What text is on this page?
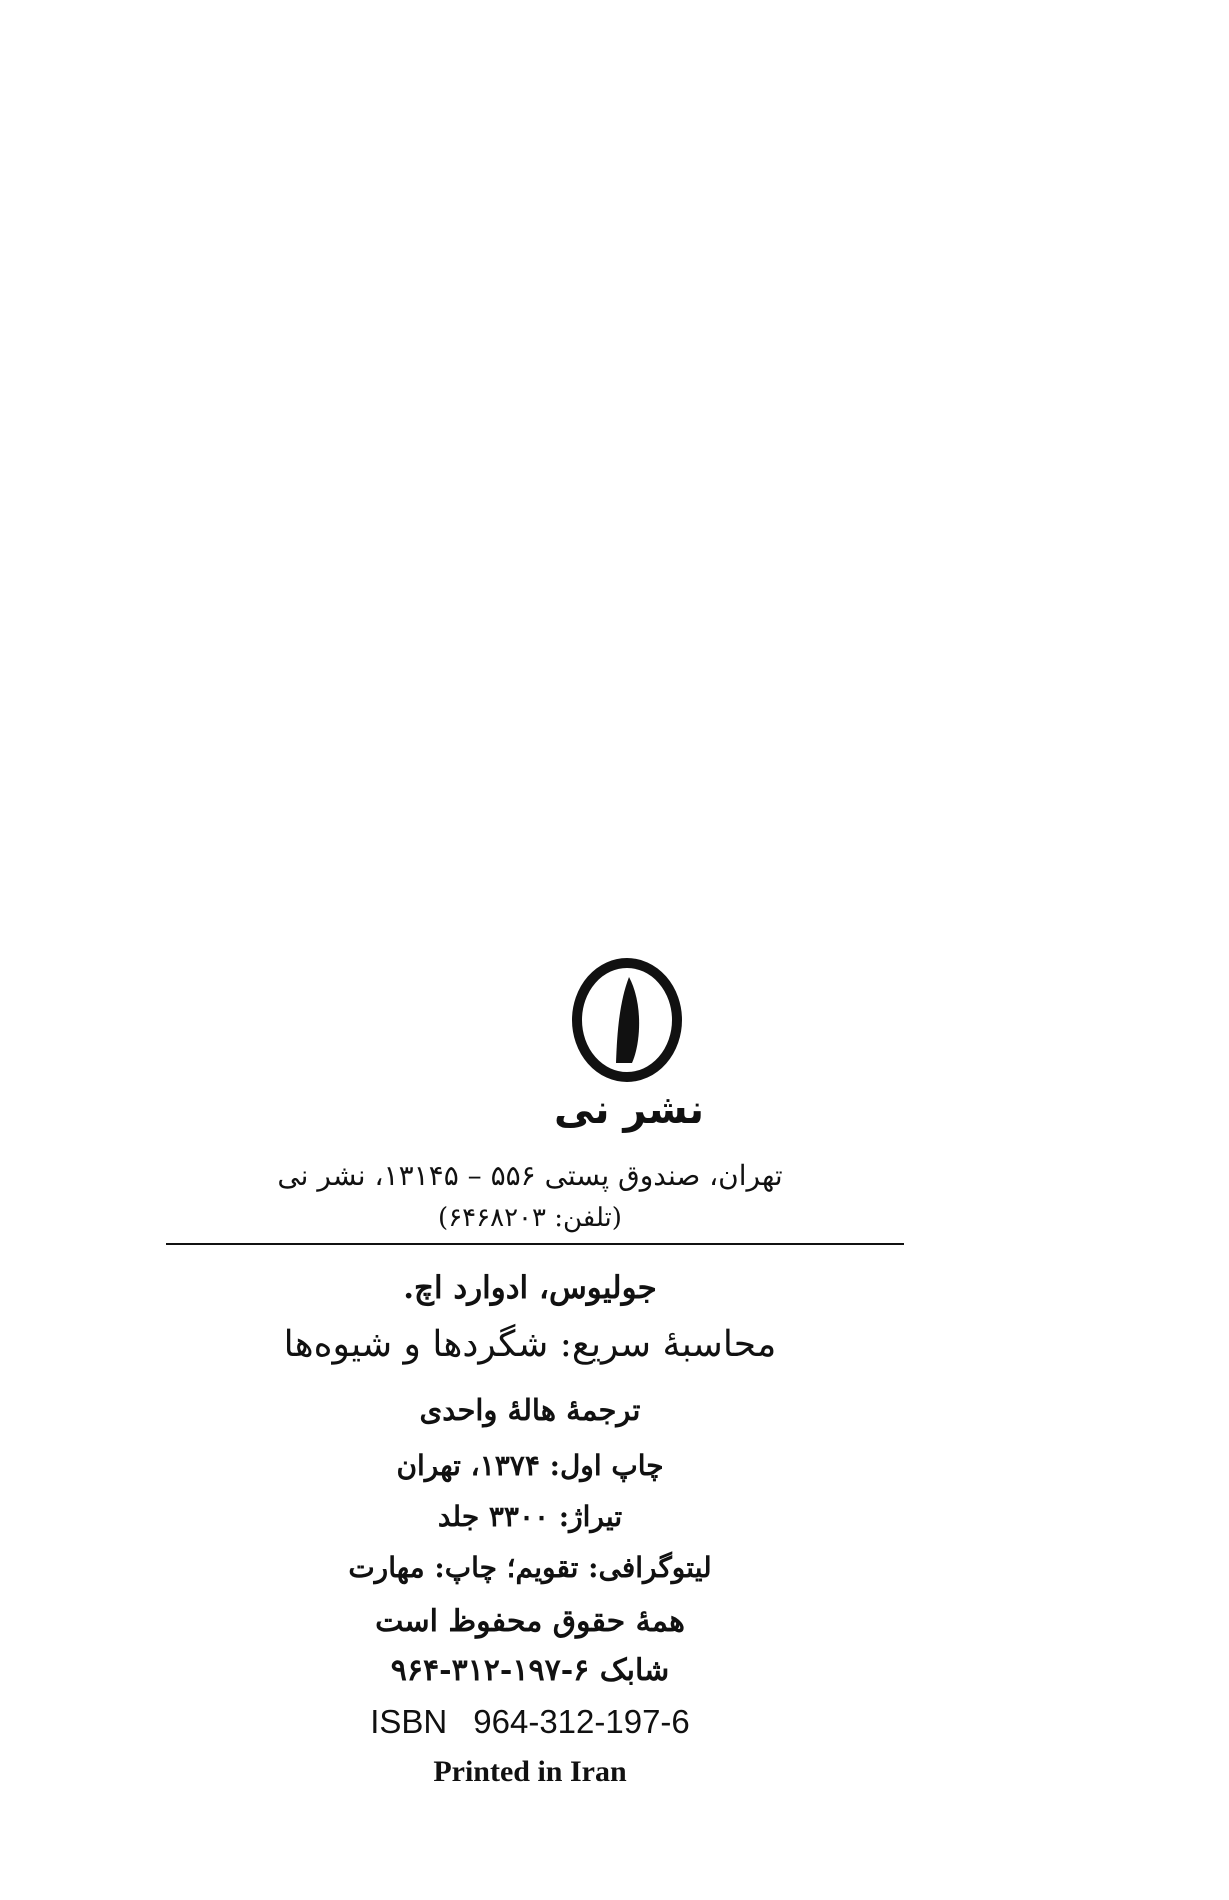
نشر نی
تهران، صندوق پستی ۵۵۶ – ۱۳۱۴۵، نشر نی
(تلفن: ۶۴۶۸۲۰۳)
جولیوس، ادوارد اچ.
محاسبهٔ سریع: شگردها و شیوه‌ها
ترجمهٔ هالهٔ واحدی
چاپ اول: ۱۳۷۴، تهران
تیراژ: ۳۳۰۰ جلد
لیتوگرافی: تقویم؛ چاپ: مهارت
همهٔ حقوق محفوظ است
شابک ۶-۱۹۷-۳۱۲-۹۶۴
ISBN 964-312-197-6
Printed in Iran
